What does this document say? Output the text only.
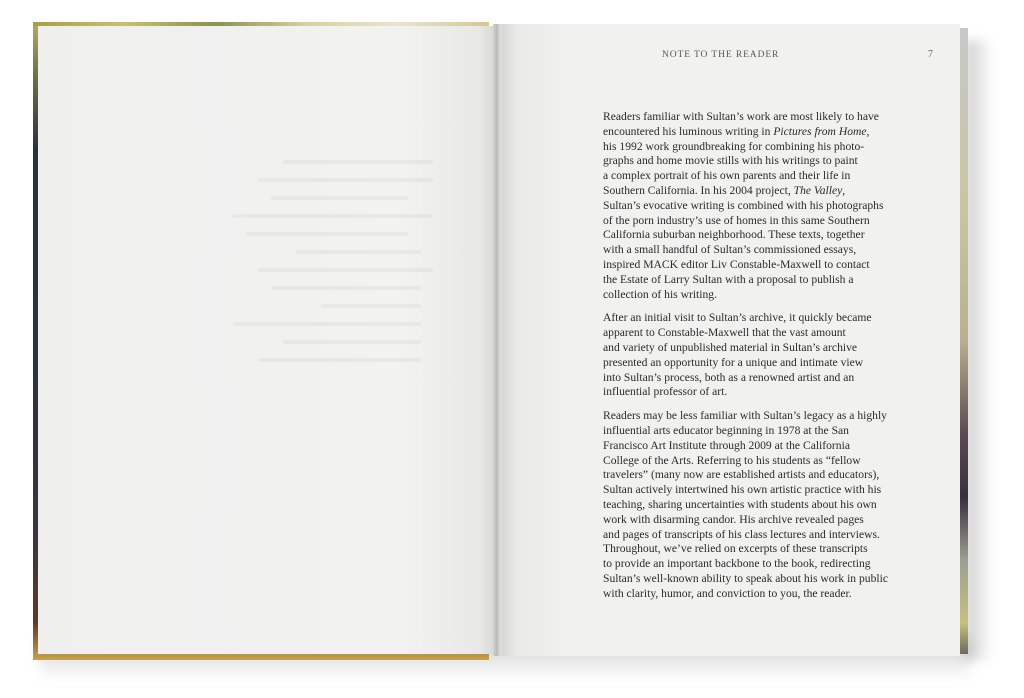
NOTE TO THE READER	7

Readers familiar with Sultan’s work are most likely to have
encountered his luminous writing in Pictures from Home,
his 1992 work groundbreaking for combining his photo-
graphs and home movie stills with his writings to paint
a complex portrait of his own parents and their life in
Southern California. In his 2004 project, The Valley,
Sultan’s evocative writing is combined with his photographs
of the porn industry’s use of homes in this same Southern
California suburban neighborhood. These texts, together
with a small handful of Sultan’s commissioned essays,
inspired MACK editor Liv Constable-Maxwell to contact
the Estate of Larry Sultan with a proposal to publish a
collection of his writing.

After an initial visit to Sultan’s archive, it quickly became
apparent to Constable-Maxwell that the vast amount
and variety of unpublished material in Sultan’s archive
presented an opportunity for a unique and intimate view
into Sultan’s process, both as a renowned artist and an
influential professor of art.

Readers may be less familiar with Sultan’s legacy as a highly
influential arts educator beginning in 1978 at the San
Francisco Art Institute through 2009 at the California
College of the Arts. Referring to his students as “fellow
travelers” (many now are established artists and educators),
Sultan actively intertwined his own artistic practice with his
teaching, sharing uncertainties with students about his own
work with disarming candor. His archive revealed pages
and pages of transcripts of his class lectures and interviews.
Throughout, we’ve relied on excerpts of these transcripts
to provide an important backbone to the book, redirecting
Sultan’s well-known ability to speak about his work in public
with clarity, humor, and conviction to you, the reader.
